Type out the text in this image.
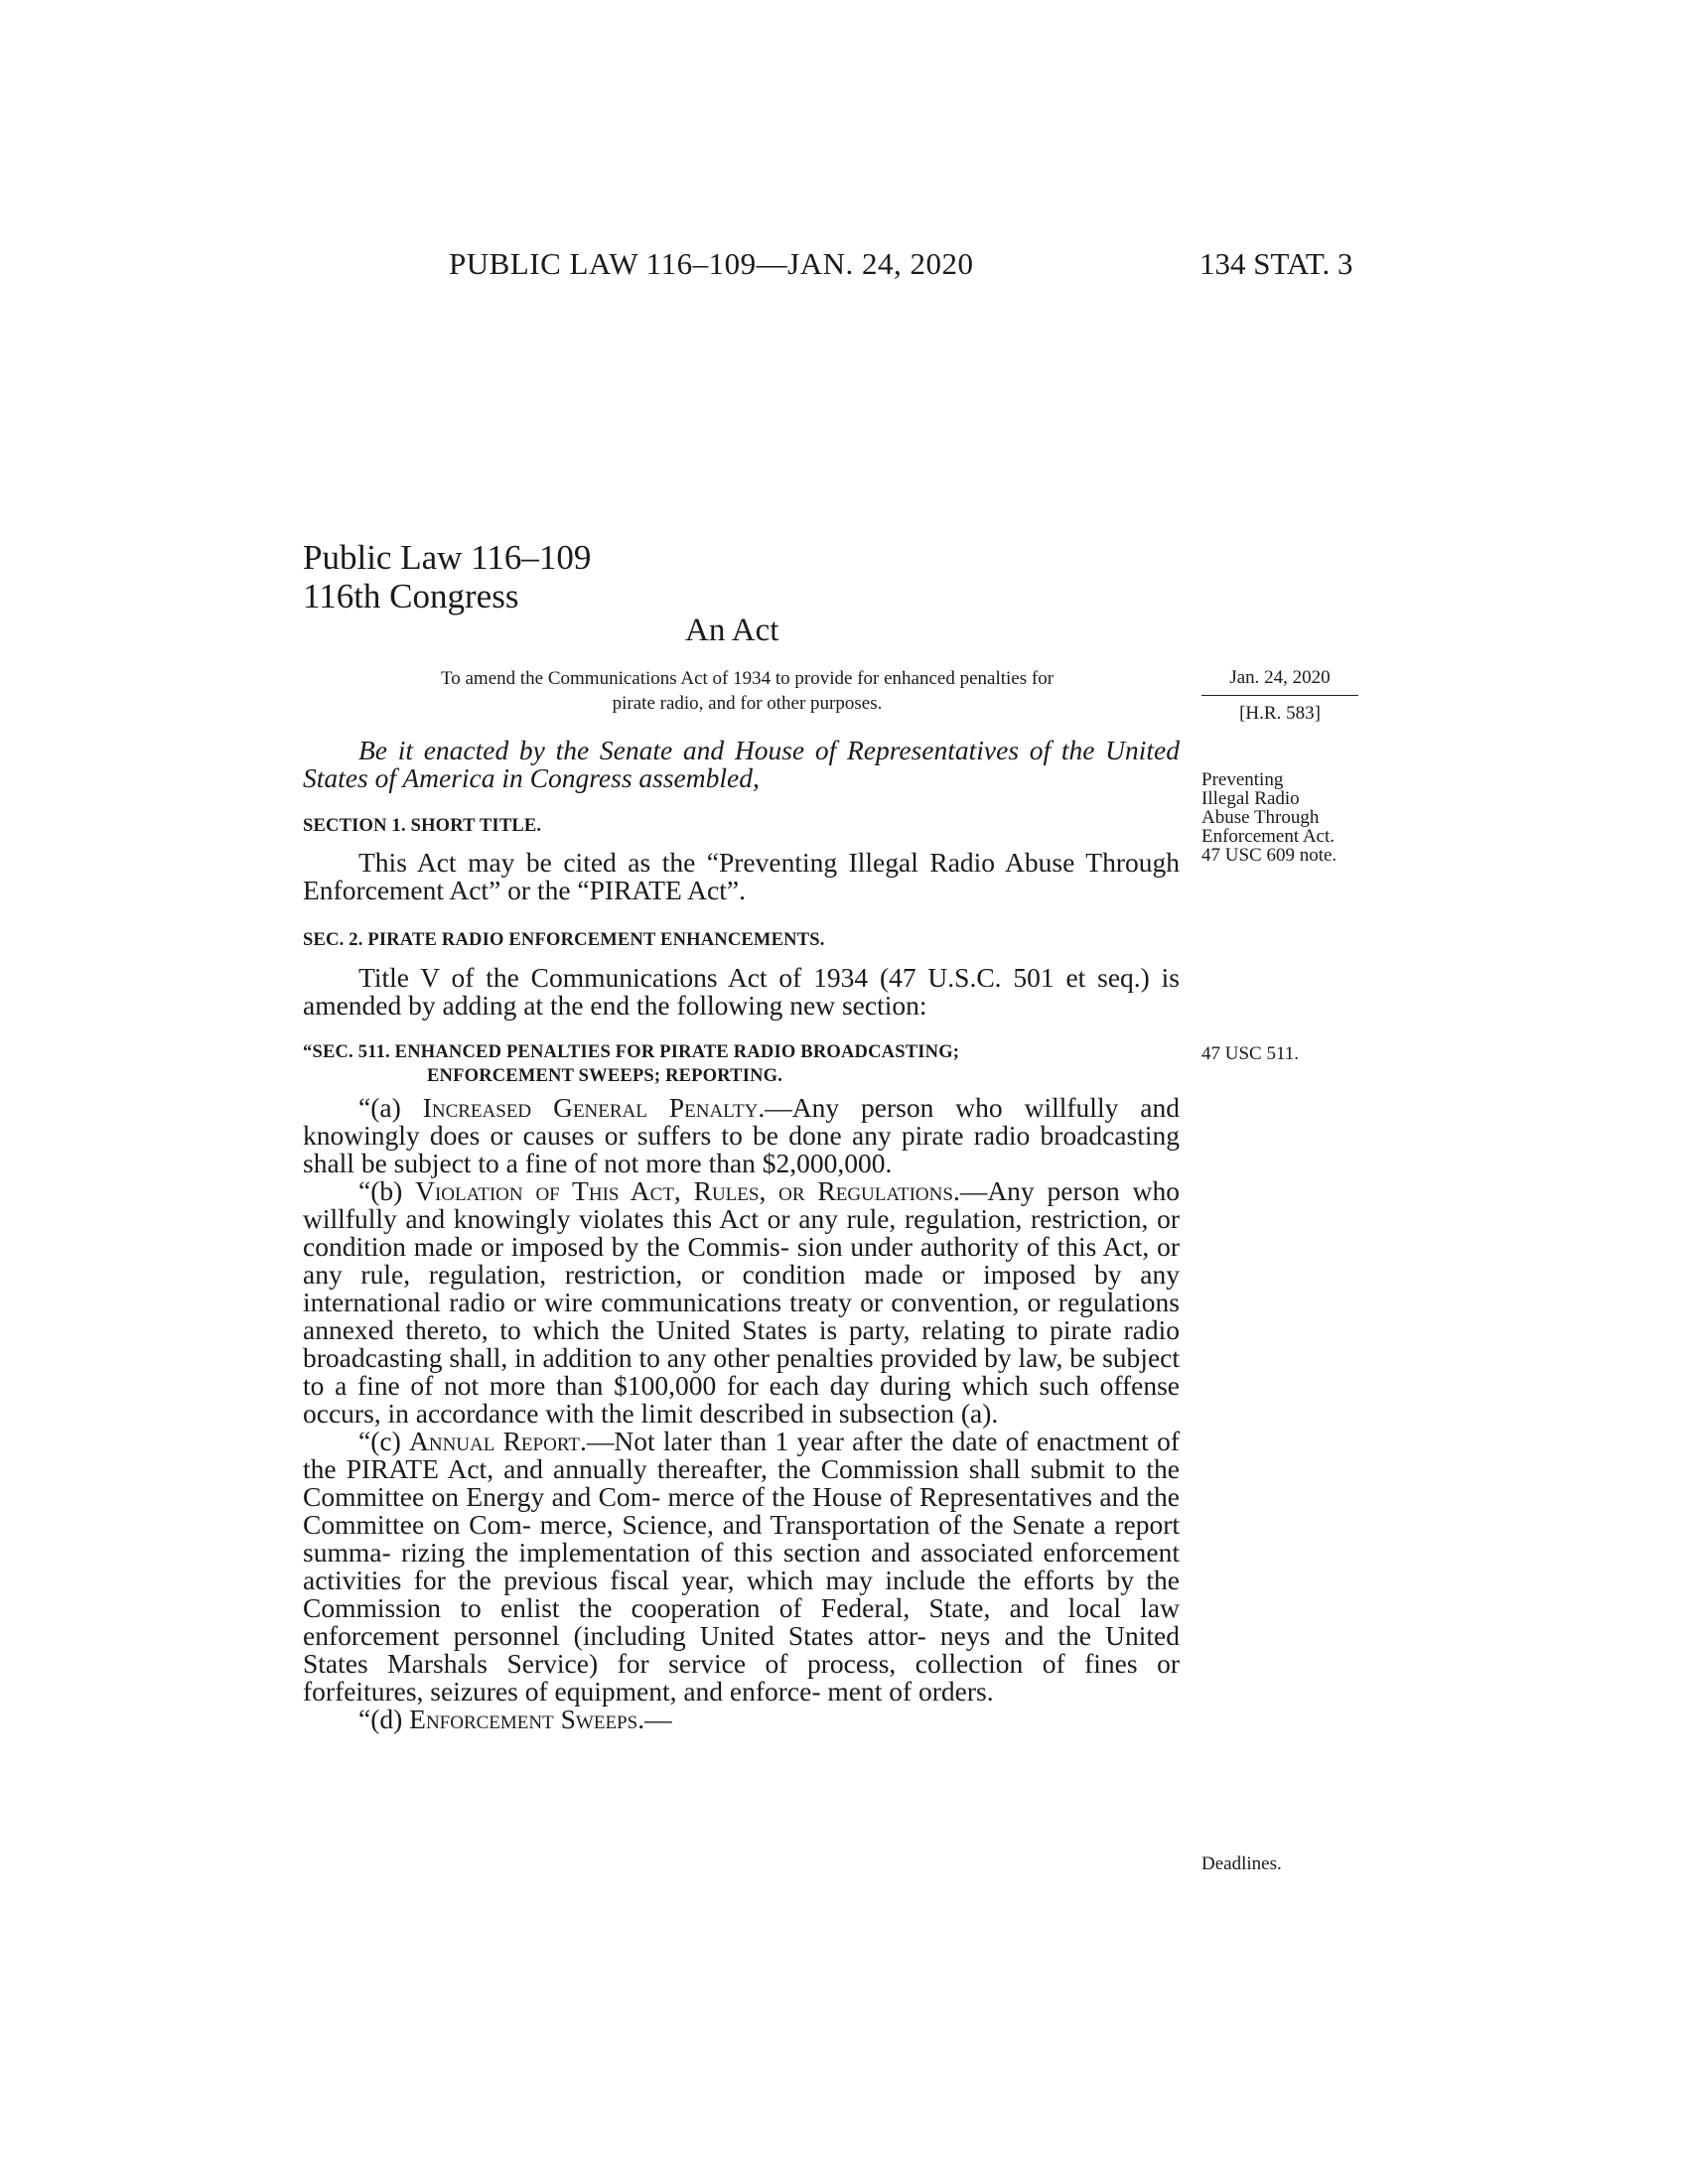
PUBLIC LAW 116–109—JAN. 24, 2020	134 STAT. 3
Public Law 116–109
116th Congress
An Act
To amend the Communications Act of 1934 to provide for enhanced penalties for
pirate radio, and for other purposes.
Jan. 24, 2020
[H.R. 583]
Be it enacted by the Senate and House of Representatives of the United States of America in Congress assembled,	Preventing
Illegal Radio
Abuse Through
Enforcement Act.
47 USC 609 note.
SECTION 1. SHORT TITLE.
This Act may be cited as the “Preventing Illegal Radio Abuse Through Enforcement Act” or the “PIRATE Act”.
SEC. 2. PIRATE RADIO ENFORCEMENT ENHANCEMENTS.
Title V of the Communications Act of 1934 (47 U.S.C. 501 et seq.) is amended by adding at the end the following new section:
“SEC. 511. ENHANCED PENALTIES FOR PIRATE RADIO BROADCASTING;
ENFORCEMENT SWEEPS; REPORTING.
47 USC 511.

“(a) Increased General Penalty.—Any person who willfully and knowingly does or causes or suffers to be done any pirate radio broadcasting shall be subject to a fine of not more than $2,000,000.

“(b) Violation of This Act, Rules, or Regulations.—Any person who willfully and knowingly violates this Act or any rule, regulation, restriction, or condition made or imposed by the Commis- sion under authority of this Act, or any rule, regulation, restriction, or condition made or imposed by any international radio or wire communications treaty or convention, or regulations annexed thereto, to which the United States is party, relating to pirate radio broadcasting shall, in addition to any other penalties provided by law, be subject to a fine of not more than $100,000 for each day during which such offense occurs, in accordance with the limit described in subsection (a).

“(c) Annual Report.—Not later than 1 year after the date of enactment of the PIRATE Act, and annually thereafter, the Commission shall submit to the Committee on Energy and Com- merce of the House of Representatives and the Committee on Com- merce, Science, and Transportation of the Senate a report summa- rizing the implementation of this section and associated enforcement activities for the previous fiscal year, which may include the efforts by the Commission to enlist the cooperation of Federal, State, and local law enforcement personnel (including United States attor- neys and the United States Marshals Service) for service of process, collection of fines or forfeitures, seizures of equipment, and enforce- ment of orders.

“(d) Enforcement Sweeps.—

Deadlines.
